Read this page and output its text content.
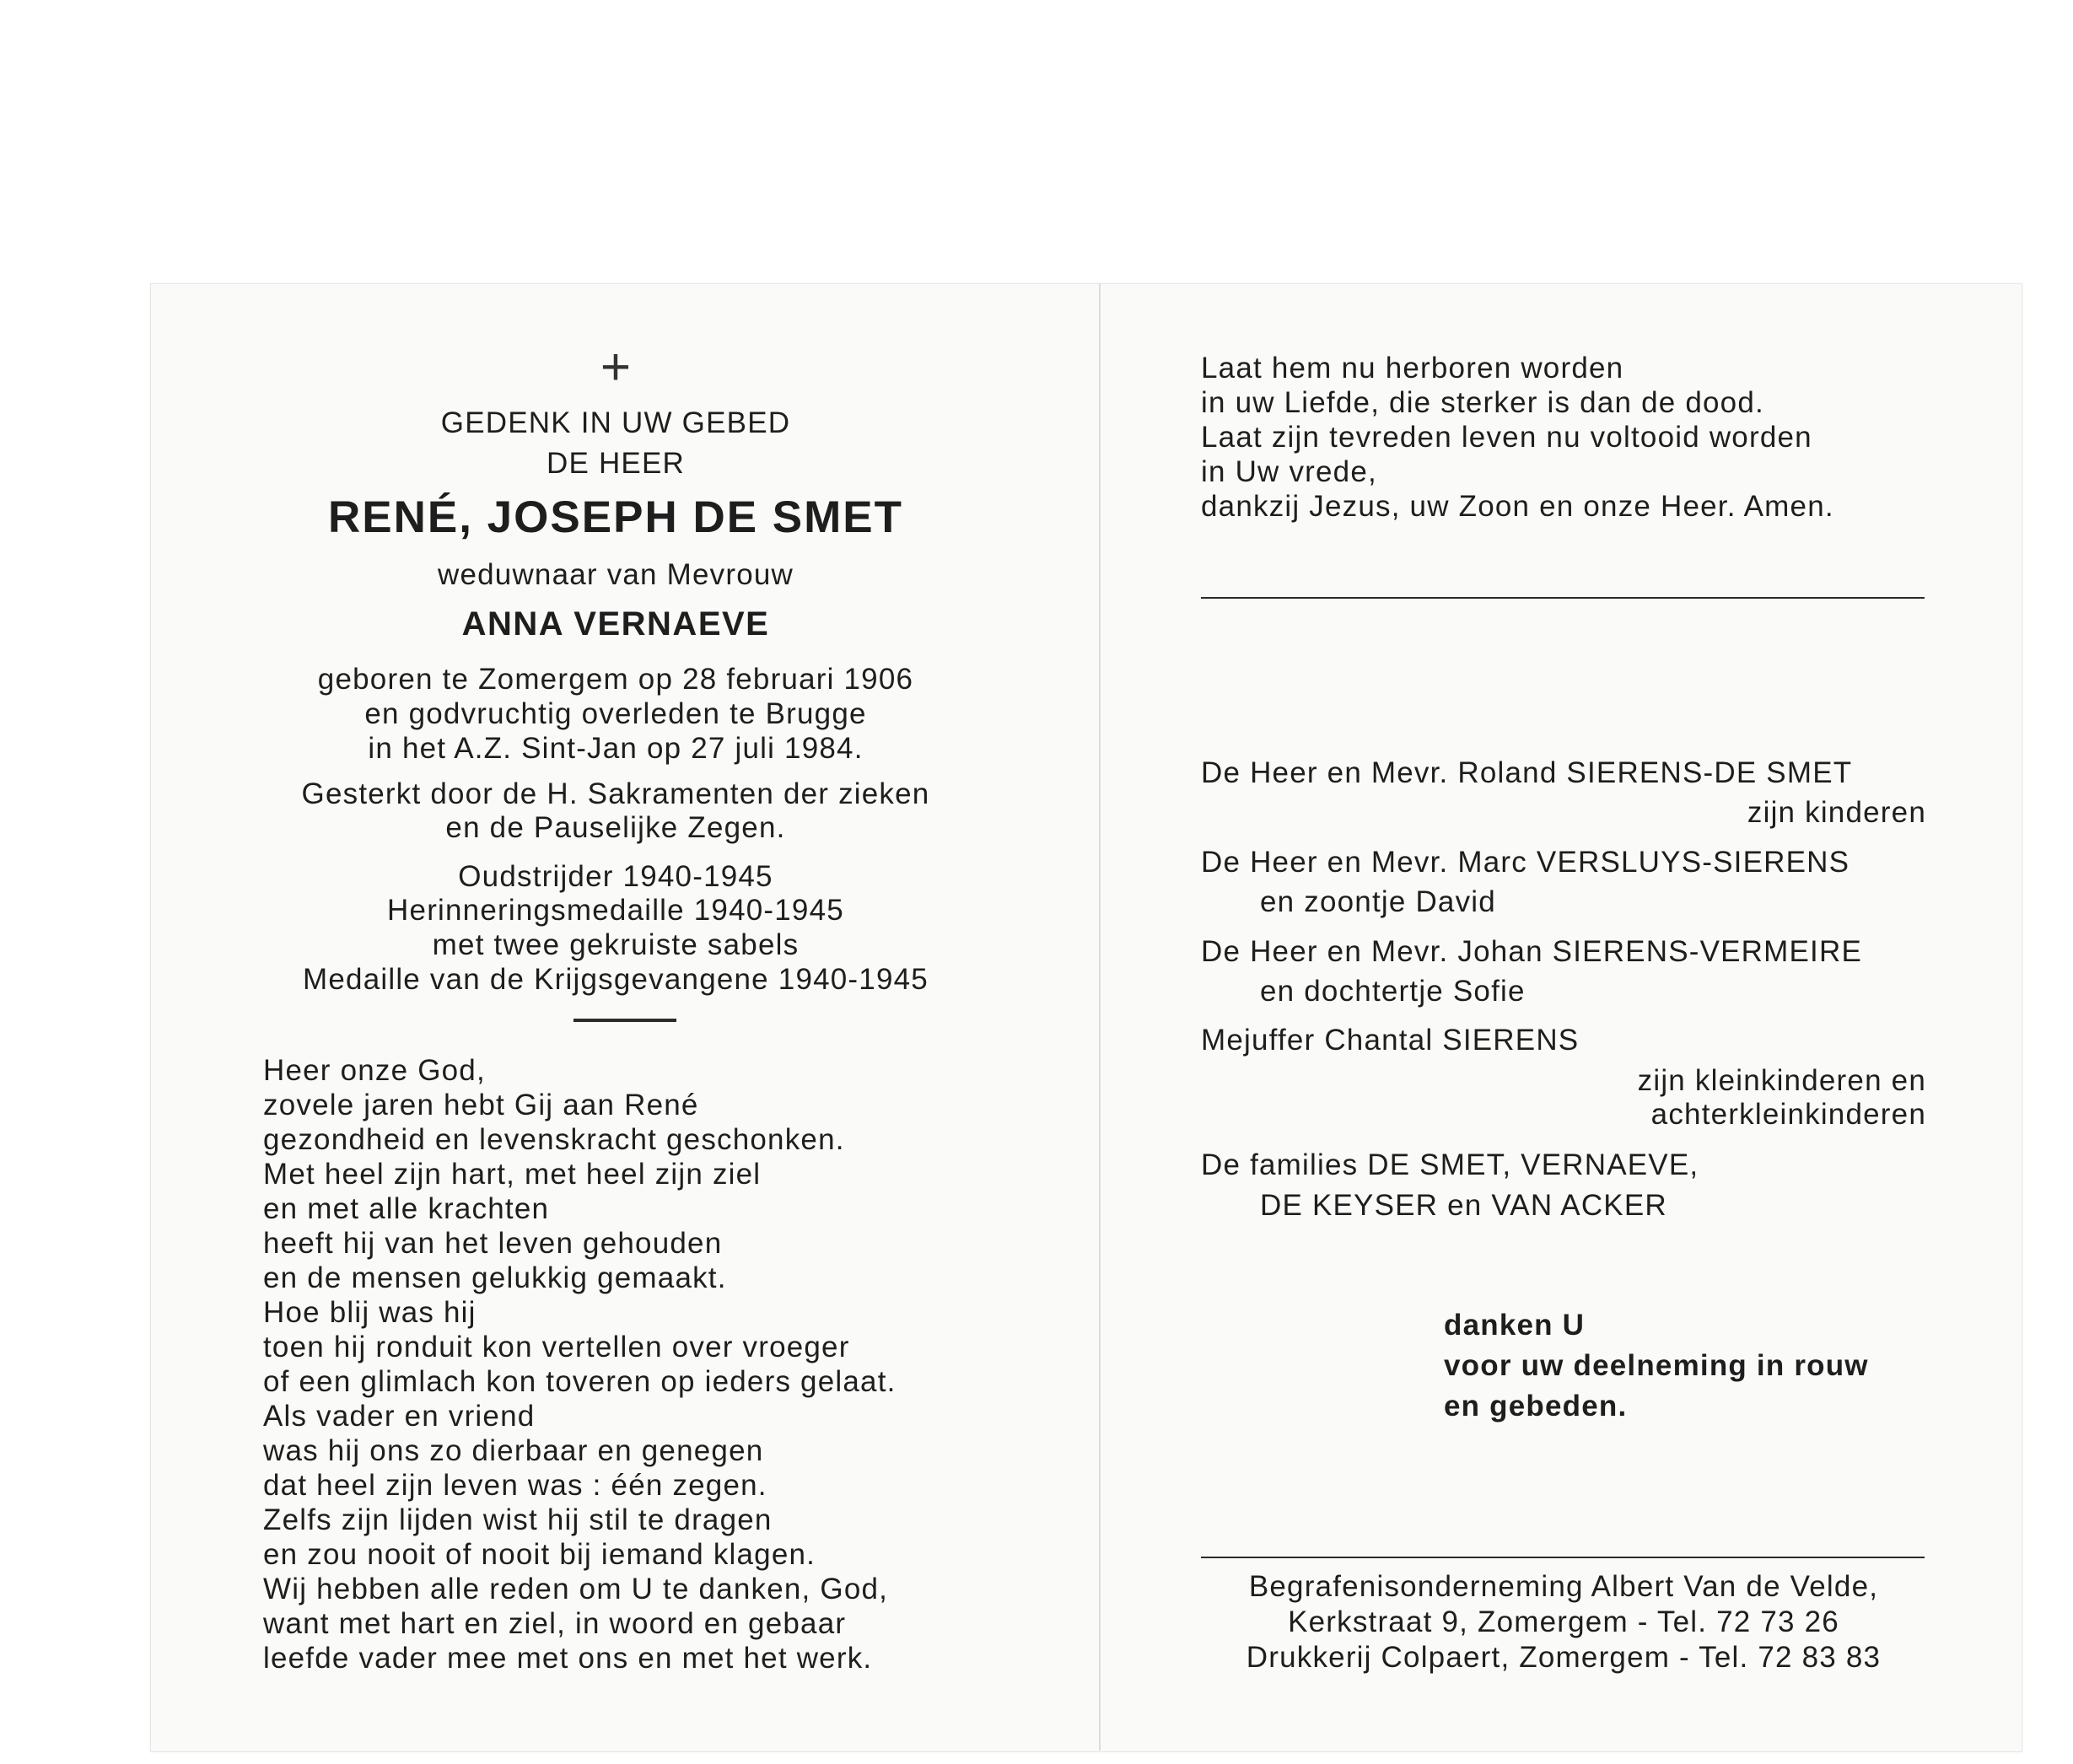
+
GEDENK IN UW GEBED
DE HEER
RENÉ, JOSEPH DE SMET
weduwnaar van Mevrouw
ANNA VERNAEVE
geboren te Zomergem op 28 februari 1906
en godvruchtig overleden te Brugge
in het A.Z. Sint-Jan op 27 juli 1984.
Gesterkt door de H. Sakramenten der zieken
en de Pauselijke Zegen.
Oudstrijder 1940-1945
Herinneringsmedaille 1940-1945
met twee gekruiste sabels
Medaille van de Krijgsgevangene 1940-1945
Heer onze God,
zovele jaren hebt Gij aan René
gezondheid en levenskracht geschonken.
Met heel zijn hart, met heel zijn ziel
en met alle krachten
heeft hij van het leven gehouden
en de mensen gelukkig gemaakt.
Hoe blij was hij
toen hij ronduit kon vertellen over vroeger
of een glimlach kon toveren op ieders gelaat.
Als vader en vriend
was hij ons zo dierbaar en genegen
dat heel zijn leven was : één zegen.
Zelfs zijn lijden wist hij stil te dragen
en zou nooit of nooit bij iemand klagen.
Wij hebben alle reden om U te danken, God,
want met hart en ziel, in woord en gebaar
leefde vader mee met ons en met het werk.
Laat hem nu herboren worden
in uw Liefde, die sterker is dan de dood.
Laat zijn tevreden leven nu voltooid worden
in Uw vrede,
dankzij Jezus, uw Zoon en onze Heer. Amen.
De Heer en Mevr. Roland SIERENS-DE SMET
zijn kinderen
De Heer en Mevr. Marc VERSLUYS-SIERENS
en zoontje David
De Heer en Mevr. Johan SIERENS-VERMEIRE
en dochtertje Sofie
Mejuffer Chantal SIERENS
zijn kleinkinderen en
achterkleinkinderen
De families DE SMET, VERNAEVE,
DE KEYSER en VAN ACKER
danken U
voor uw deelneming in rouw
en gebeden.
Begrafenisonderneming Albert Van de Velde,
Kerkstraat 9, Zomergem - Tel. 72 73 26
Drukkerij Colpaert, Zomergem - Tel. 72 83 83
